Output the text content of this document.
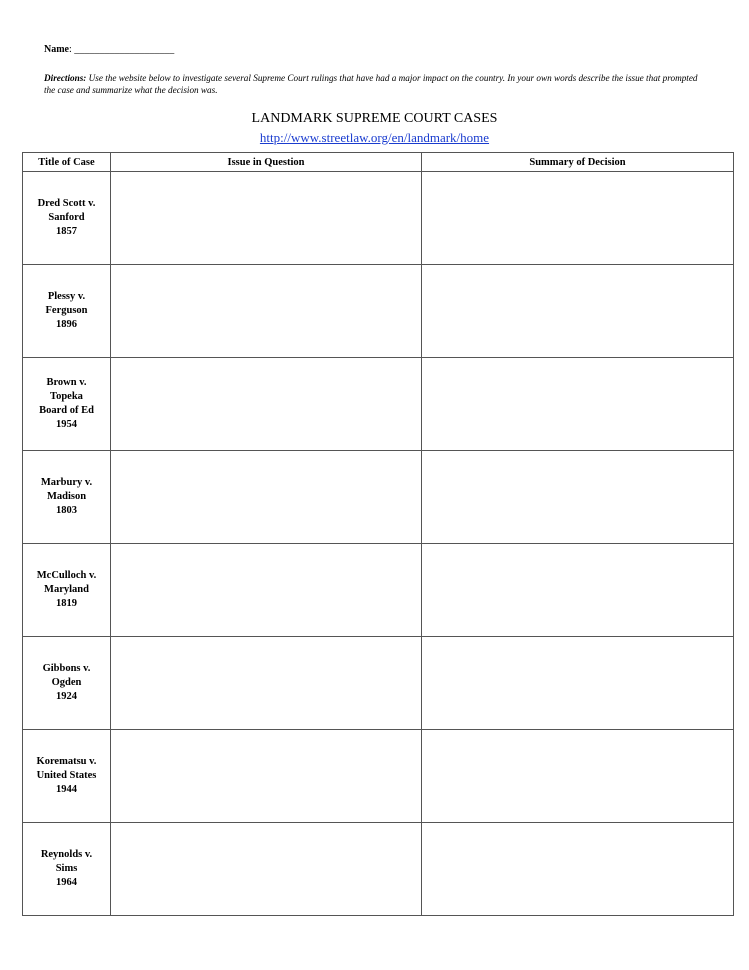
Name: ____________________
Directions: Use the website below to investigate several Supreme Court rulings that have had a major impact on the country. In your own words describe the issue that prompted the case and summarize what the decision was.
LANDMARK SUPREME COURT CASES
http://www.streetlaw.org/en/landmark/home
Title of Case	Issue in Question	Summary of Decision

Dred Scott v.
Sanford
1857		

Plessy v.
Ferguson
1896		

Brown v.
Topeka
Board of Ed
1954		

Marbury v.
Madison
1803		

McCulloch v.
Maryland
1819		

Gibbons v.
Ogden
1924		

Korematsu v.
United States
1944		

Reynolds v.
Sims
1964		
